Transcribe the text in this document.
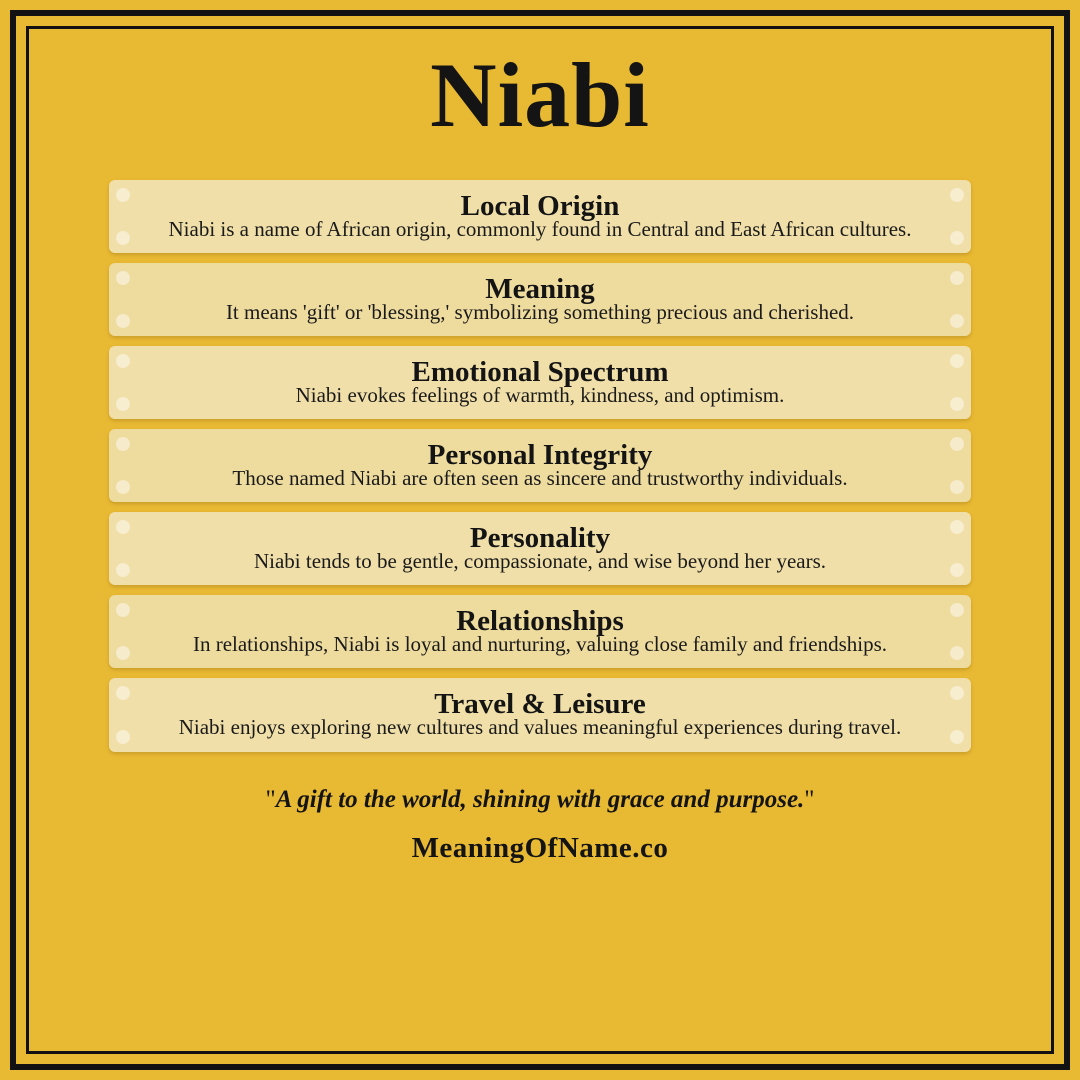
Niabi
Local Origin
Niabi is a name of African origin, commonly found in Central and East African cultures.
Meaning
It means 'gift' or 'blessing,' symbolizing something precious and cherished.
Emotional Spectrum
Niabi evokes feelings of warmth, kindness, and optimism.
Personal Integrity
Those named Niabi are often seen as sincere and trustworthy individuals.
Personality
Niabi tends to be gentle, compassionate, and wise beyond her years.
Relationships
In relationships, Niabi is loyal and nurturing, valuing close family and friendships.
Travel & Leisure
Niabi enjoys exploring new cultures and values meaningful experiences during travel.
"A gift to the world, shining with grace and purpose."
MeaningOfName.co
